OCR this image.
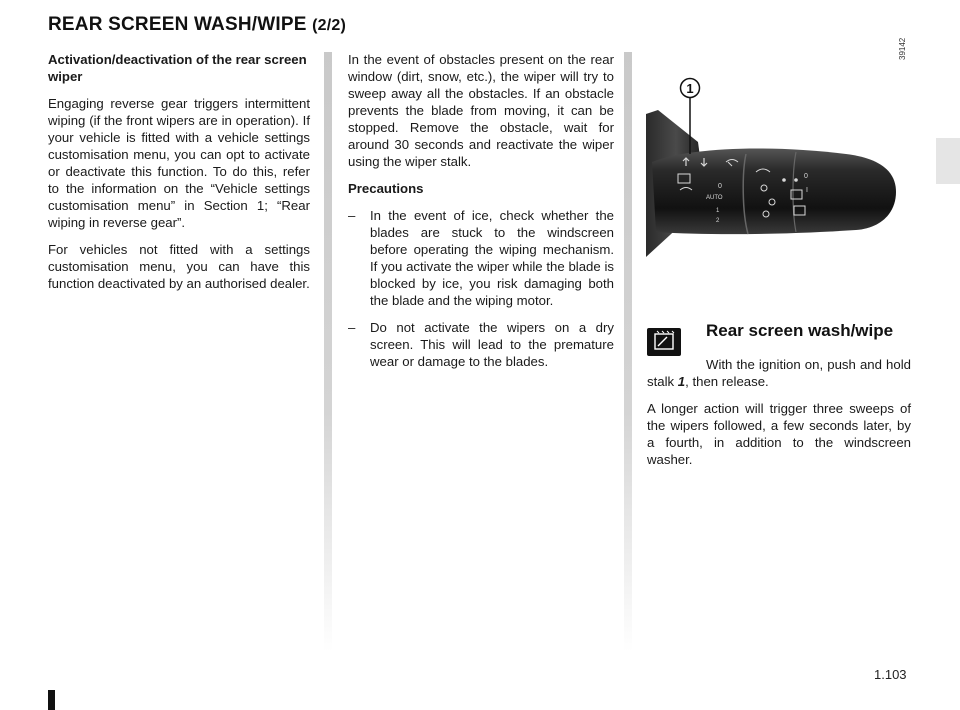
REAR SCREEN WASH/WIPE (2/2)

Activation/deactivation of the rear screen wiper

Engaging reverse gear triggers intermittent wiping (if the front wipers are in operation). If your vehicle is fitted with a vehicle settings customisation menu, you can opt to activate or deactivate this function. To do this, refer to the information on the “Vehicle settings customisation menu” in Section 1; “Rear wiping in reverse gear”.

For vehicles not fitted with a settings customisation menu, you can have this function deactivated by an authorised dealer.

In the event of obstacles present on the rear window (dirt, snow, etc.), the wiper will try to sweep away all the obstacles. If an obstacle prevents the blade from moving, it can be stopped. Remove the obstacle, wait for around 30 seconds and reactivate the wiper using the wiper stalk.

Precautions

– In the event of ice, check whether the blades are stuck to the windscreen before operating the wiping mechanism. If you activate the wiper while the blade is blocked by ice, you risk damaging both the blade and the wiping motor.
– Do not activate the wipers on a dry screen. This will lead to the premature wear or damage to the blades.
39142
0
AUTO
1
2
0
I
1
Rear screen wash/wipe

With the ignition on, push and hold stalk 1, then release.

A longer action will trigger three sweeps of the wipers followed, a few seconds later, by a fourth, in addition to the windscreen washer.

1.103
